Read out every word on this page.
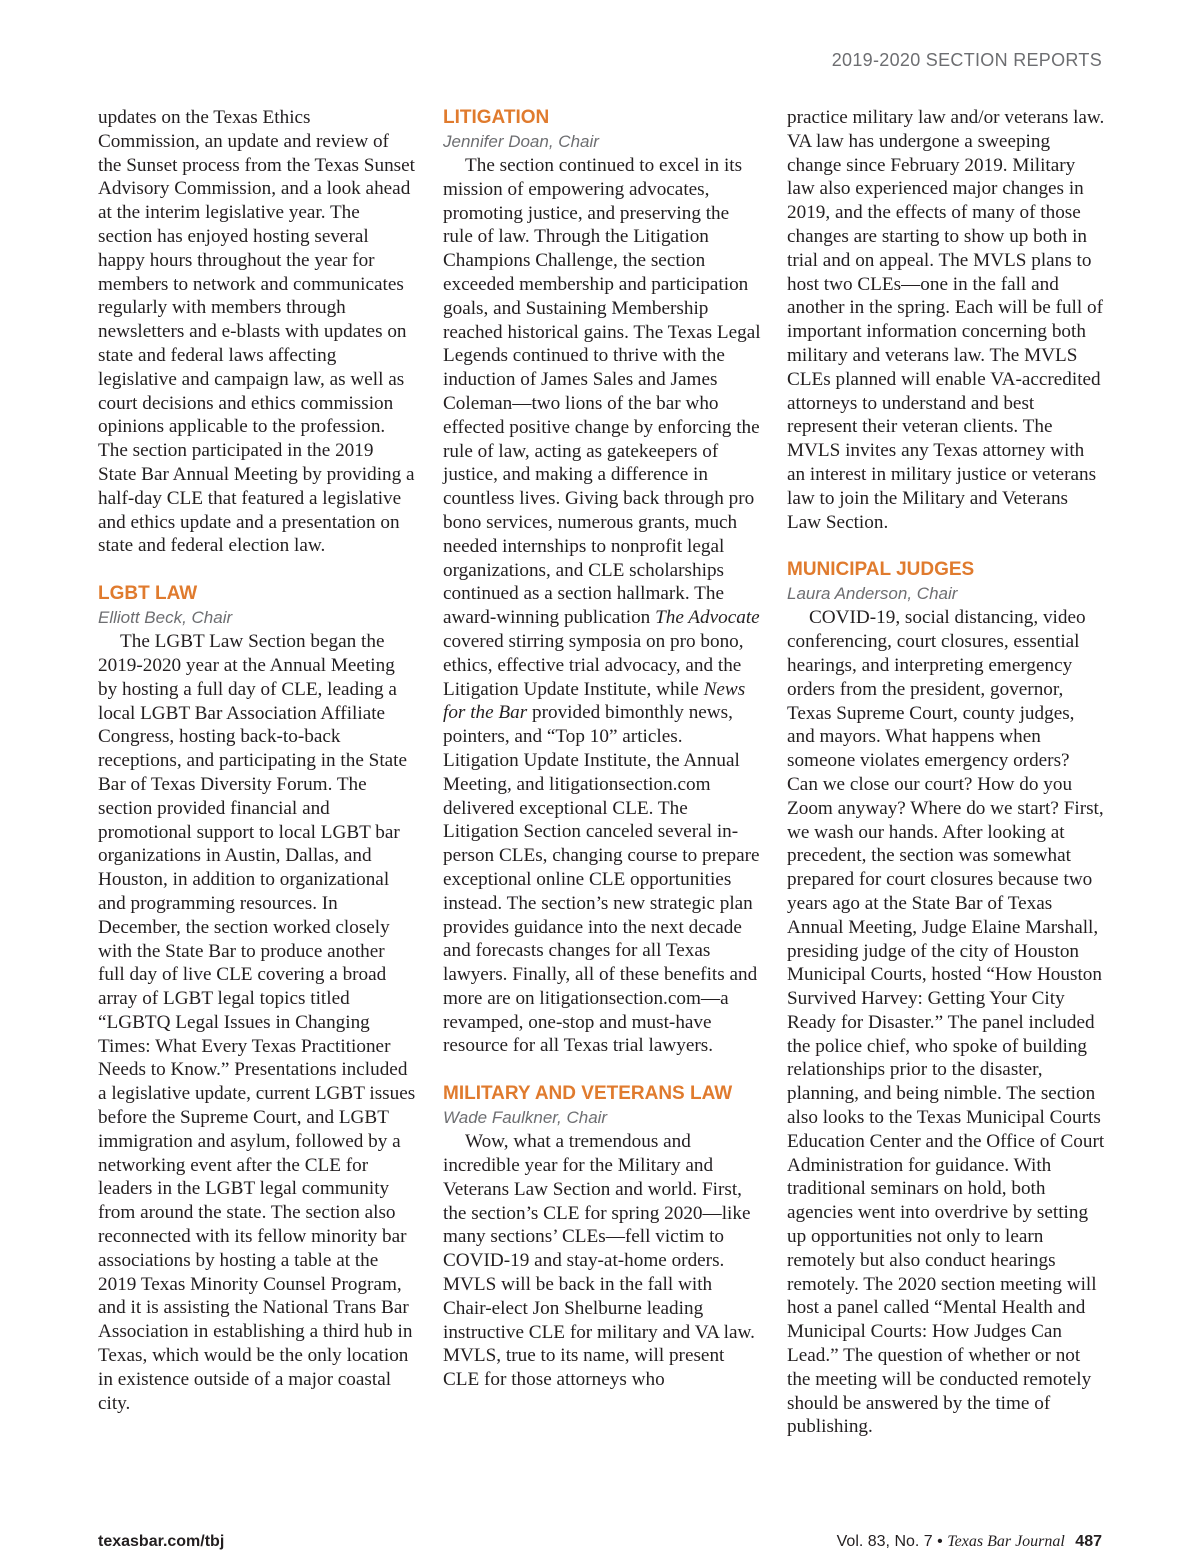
2019-2020 SECTION REPORTS

updates on the Texas Ethics Commission, an update and review of the Sunset process from the Texas Sunset Advisory Commission, and a look ahead at the interim legislative year. The section has enjoyed hosting several happy hours throughout the year for members to network and communicates regularly with members through newsletters and e-blasts with updates on state and federal laws affecting legislative and campaign law, as well as court decisions and ethics commission opinions applicable to the profession. The section participated in the 2019 State Bar Annual Meeting by providing a half-day CLE that featured a legislative and ethics update and a presentation on state and federal election law.

LGBT LAW

Elliott Beck, Chair

The LGBT Law Section began the 2019-2020 year at the Annual Meeting by hosting a full day of CLE, leading a local LGBT Bar Association Affiliate Congress, hosting back-to-back receptions, and participating in the State Bar of Texas Diversity Forum. The section provided financial and promotional support to local LGBT bar organizations in Austin, Dallas, and Houston, in addition to organizational and programming resources. In December, the section worked closely with the State Bar to produce another full day of live CLE covering a broad array of LGBT legal topics titled “LGBTQ Legal Issues in Changing Times: What Every Texas Practitioner Needs to Know.” Presentations included a legislative update, current LGBT issues before the Supreme Court, and LGBT immigration and asylum, followed by a networking event after the CLE for leaders in the LGBT legal community from around the state. The section also reconnected with its fellow minority bar associations by hosting a table at the 2019 Texas Minority Counsel Program, and it is assisting the National Trans Bar Association in establishing a third hub in Texas, which would be the only location in existence outside of a major coastal city.

LITIGATION

Jennifer Doan, Chair

The section continued to excel in its mission of empowering advocates, promoting justice, and preserving the rule of law. Through the Litigation Champions Challenge, the section exceeded membership and participation goals, and Sustaining Membership reached historical gains. The Texas Legal Legends continued to thrive with the induction of James Sales and James Coleman—two lions of the bar who effected positive change by enforcing the rule of law, acting as gatekeepers of justice, and making a difference in countless lives. Giving back through pro bono services, numerous grants, much needed internships to nonprofit legal organizations, and CLE scholarships continued as a section hallmark. The award-winning publication The Advocate covered stirring symposia on pro bono, ethics, effective trial advocacy, and the Litigation Update Institute, while News for the Bar provided bimonthly news, pointers, and “Top 10” articles. Litigation Update Institute, the Annual Meeting, and litigationsection.com delivered exceptional CLE. The Litigation Section canceled several in-person CLEs, changing course to prepare exceptional online CLE opportunities instead. The section’s new strategic plan provides guidance into the next decade and forecasts changes for all Texas lawyers. Finally, all of these benefits and more are on litigationsection.com—a revamped, one-stop and must-have resource for all Texas trial lawyers.

MILITARY AND VETERANS LAW

Wade Faulkner, Chair

Wow, what a tremendous and incredible year for the Military and Veterans Law Section and world. First, the section’s CLE for spring 2020—like many sections’ CLEs—fell victim to COVID-19 and stay-at-home orders. MVLS will be back in the fall with Chair-elect Jon Shelburne leading instructive CLE for military and VA law. MVLS, true to its name, will present CLE for those attorneys who

practice military law and/or veterans law. VA law has undergone a sweeping change since February 2019. Military law also experienced major changes in 2019, and the effects of many of those changes are starting to show up both in trial and on appeal. The MVLS plans to host two CLEs—one in the fall and another in the spring. Each will be full of important information concerning both military and veterans law. The MVLS CLEs planned will enable VA-accredited attorneys to understand and best represent their veteran clients. The MVLS invites any Texas attorney with an interest in military justice or veterans law to join the Military and Veterans Law Section.

MUNICIPAL JUDGES

Laura Anderson, Chair

COVID-19, social distancing, video conferencing, court closures, essential hearings, and interpreting emergency orders from the president, governor, Texas Supreme Court, county judges, and mayors. What happens when someone violates emergency orders? Can we close our court? How do you Zoom anyway? Where do we start? First, we wash our hands. After looking at precedent, the section was somewhat prepared for court closures because two years ago at the State Bar of Texas Annual Meeting, Judge Elaine Marshall, presiding judge of the city of Houston Municipal Courts, hosted “How Houston Survived Harvey: Getting Your City Ready for Disaster.” The panel included the police chief, who spoke of building relationships prior to the disaster, planning, and being nimble. The section also looks to the Texas Municipal Courts Education Center and the Office of Court Administration for guidance. With traditional seminars on hold, both agencies went into overdrive by setting up opportunities not only to learn remotely but also conduct hearings remotely. The 2020 section meeting will host a panel called “Mental Health and Municipal Courts: How Judges Can Lead.” The question of whether or not the meeting will be conducted remotely should be answered by the time of publishing.

texasbar.com/tbj	Vol. 83, No. 7 • Texas Bar Journal 487
